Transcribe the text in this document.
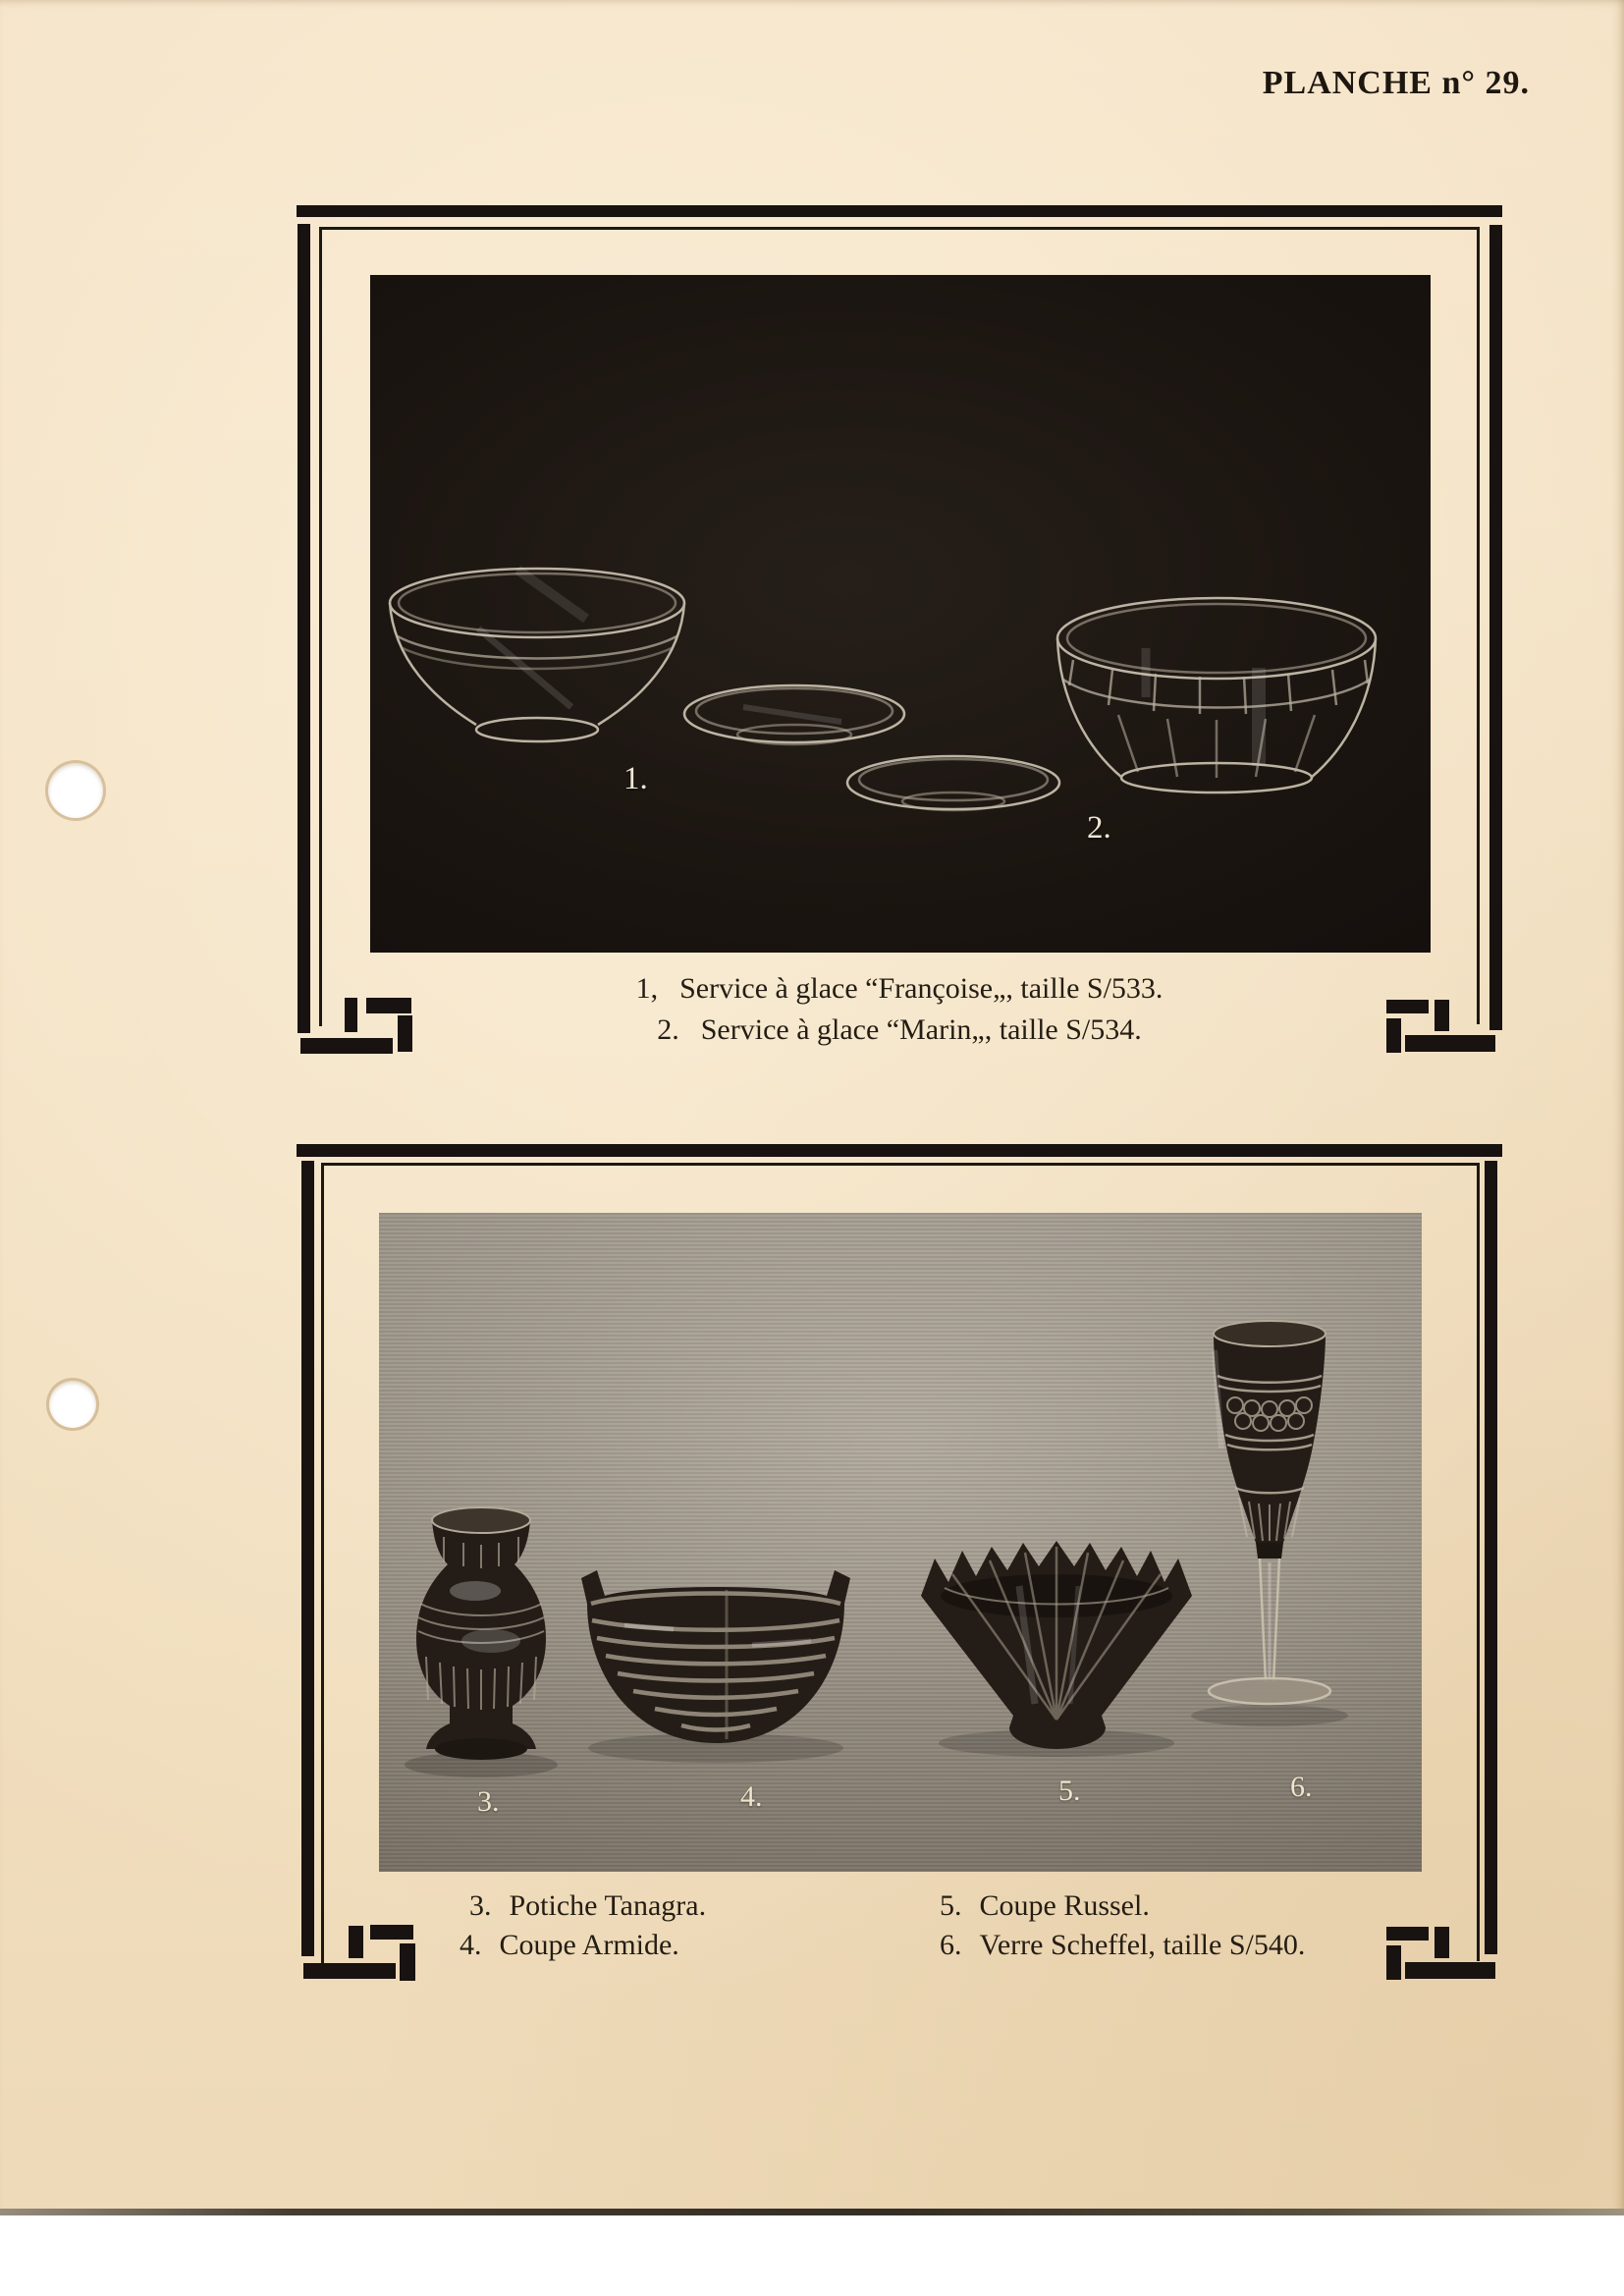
PLANCHE n° 29.
1.
2.
1, Service à glace “Françoise„, taille S/533.
2. Service à glace “Marin„, taille S/534.
3.	4.	5.	6.
3. Potiche Tanagra.
4. Coupe Armide.
5. Coupe Russel.
6. Verre Scheffel, taille S/540.
